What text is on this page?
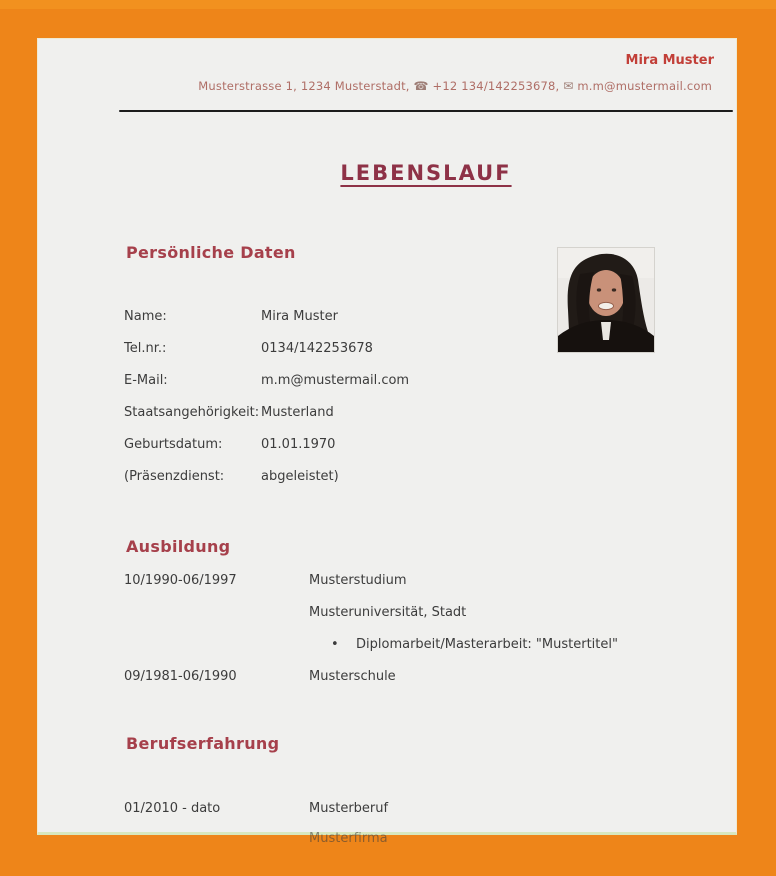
Mira Muster
Musterstrasse 1, 1234 Musterstadt, ☎ +12 134/142253678, ✉ m.m@mustermail.com
LEBENSLAUF
Persönliche Daten
Name:	Mira Muster
Tel.nr.:	0134/142253678
E-Mail:	m.m@mustermail.com
Staatsangehörigkeit: Musterland
Geburtsdatum:	01.01.1970
(Präsenzdienst:	abgeleistet)
Ausbildung
10/1990-06/1997	Musterstudium
Musteruniversität, Stadt
•	Diplomarbeit/Masterarbeit: "Mustertitel"
09/1981-06/1990	Musterschule
Berufserfahrung
01/2010 - dato	Musterberuf
Musterfirma
